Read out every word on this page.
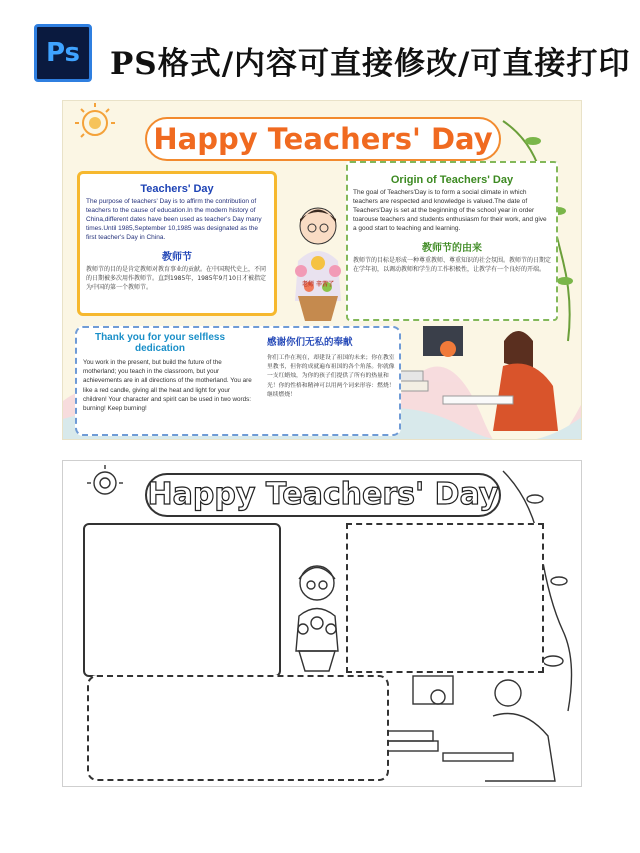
Ps PS格式/内容可直接修改/可直接打印
Happy Teachers' Day
Teachers' Day
The purpose of teachers' Day is to affirm the contribution of teachers to the cause of education.In the modern history of China,different dates have been used as teacher's Day many times.Until 1985,September 10,1985 was designated as the first teacher's Day in China.
教师节
教师节的目的是肯定教师对教育事业的贡献。在中国现代史上，不同的日期被多次用作教师节。直到1985年，1985年9月10日才被指定为中国的第一个教师节。	老师 辛苦了
Origin of Teachers' Day
The goal of Teachers'Day is to form a social climate in which teachers are respected and knowledge is valued.The date of Teachers'Day is set at the beginning of the school year in order toarouse teachers and students enthusiasm for their work, and give a good start to teaching and learning.
教师节的由来
教师节的目标是形成一种尊重教师、尊重知识的社会氛围。教师节的日期定在学年初，以调动教师和学生的工作积极性，让教学有一个良好的开端。
Thank you for your selfless dedication
You work in the present, but build the future of the motherland; you teach in the classroom, but your achievements are in all directions of the motherland. You are like a red candle, giving all the heat and light for your children! Your character and spirit can be used in two words: burning! Keep burning!
感谢你们无私的奉献
你们工作在现在，却建设了祖国的未来；你在教室里教书，但你的成就遍布祖国的各个角落。你就像一支红蜡烛，为你的孩子们提供了所有的热量和光！你的性格和精神可以用两个词来形容：燃烧！继续燃烧！
Happy Teachers' Day
